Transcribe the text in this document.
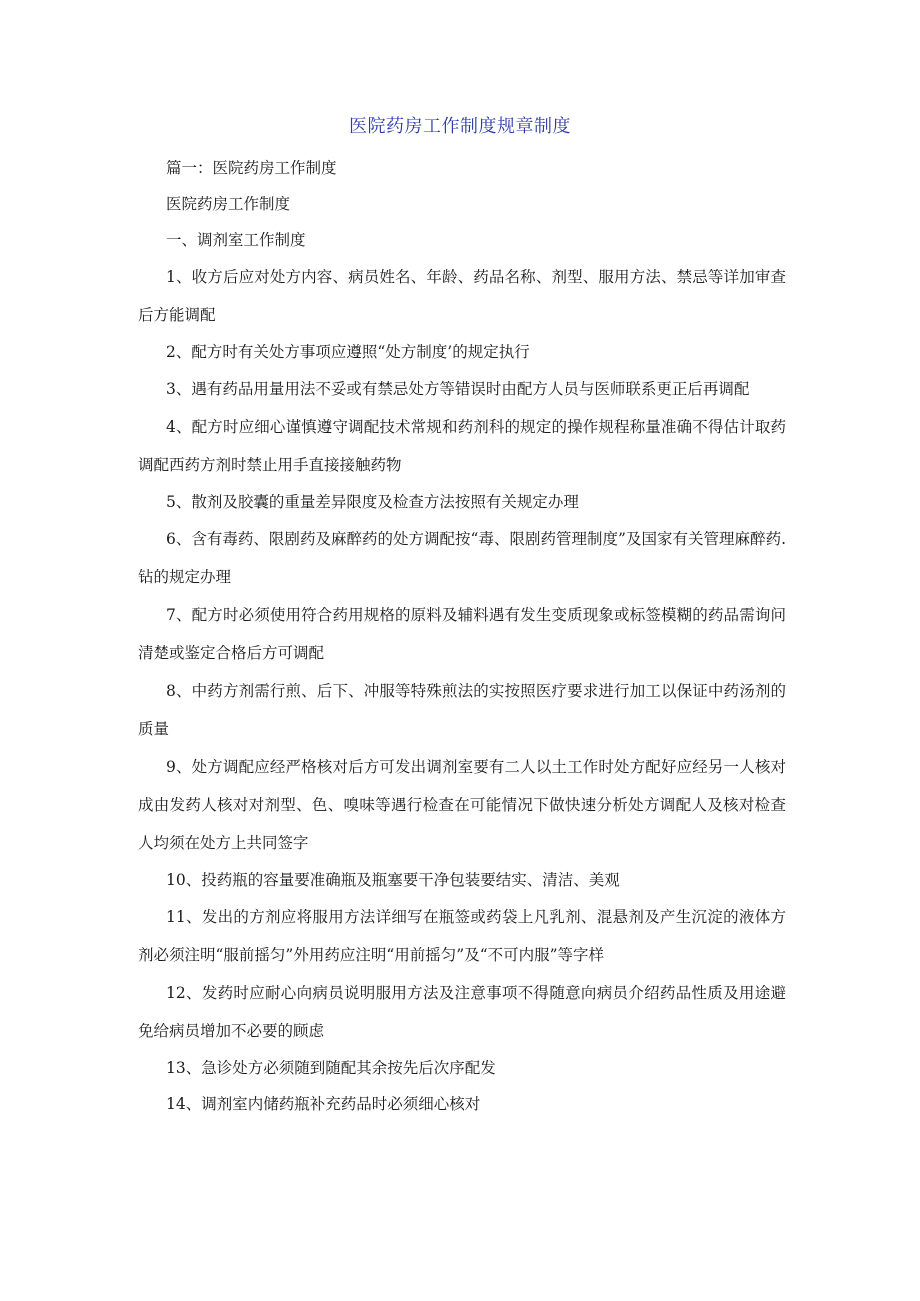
医院药房工作制度规章制度

篇一：医院药房工作制度

医院药房工作制度

一、调剂室工作制度

1、收方后应对处方内容、病员姓名、年龄、药品名称、剂型、服用方法、禁忌等详加审查后方能调配

2、配方时有关处方事项应遵照“处方制度’的规定执行

3、遇有药品用量用法不妥或有禁忌处方等错误时由配方人员与医师联系更正后再调配

4、配方时应细心谨慎遵守调配技术常规和药剂科的规定的操作规程称量准确不得估计取药调配西药方剂时禁止用手直接接触药物

5、散剂及胶囊的重量差异限度及检查方法按照有关规定办理

6、含有毒药、限剧药及麻醉药的处方调配按“毒、限剧药管理制度”及国家有关管理麻醉药.钻的规定办理

7、配方时必须使用符合药用规格的原料及辅料遇有发生变质现象或标签模糊的药品需询问清楚或鉴定合格后方可调配

8、中药方剂需行煎、后下、冲服等特殊煎法的实按照医疗要求进行加工以保证中药汤剂的质量

9、处方调配应经严格核对后方可发出调剂室要有二人以土工作时处方配好应经另一人核对成由发药人核对对剂型、色、嗅味等遇行检查在可能情况下做快速分析处方调配人及核对检查人均须在处方上共同签字

10、投药瓶的容量要准确瓶及瓶塞要干净包装要结实、清洁、美观

11、发出的方剂应将服用方法详细写在瓶签或药袋上凡乳剂、混悬剂及产生沉淀的液体方剂必须注明“服前摇匀”外用药应注明“用前摇匀”及“不可内服”等字样

12、发药时应耐心向病员说明服用方法及注意事项不得随意向病员介绍药品性质及用途避免给病员增加不必要的顾虑

13、急诊处方必须随到随配其余按先后次序配发

14、调剂室内储药瓶补充药品时必须细心核对
